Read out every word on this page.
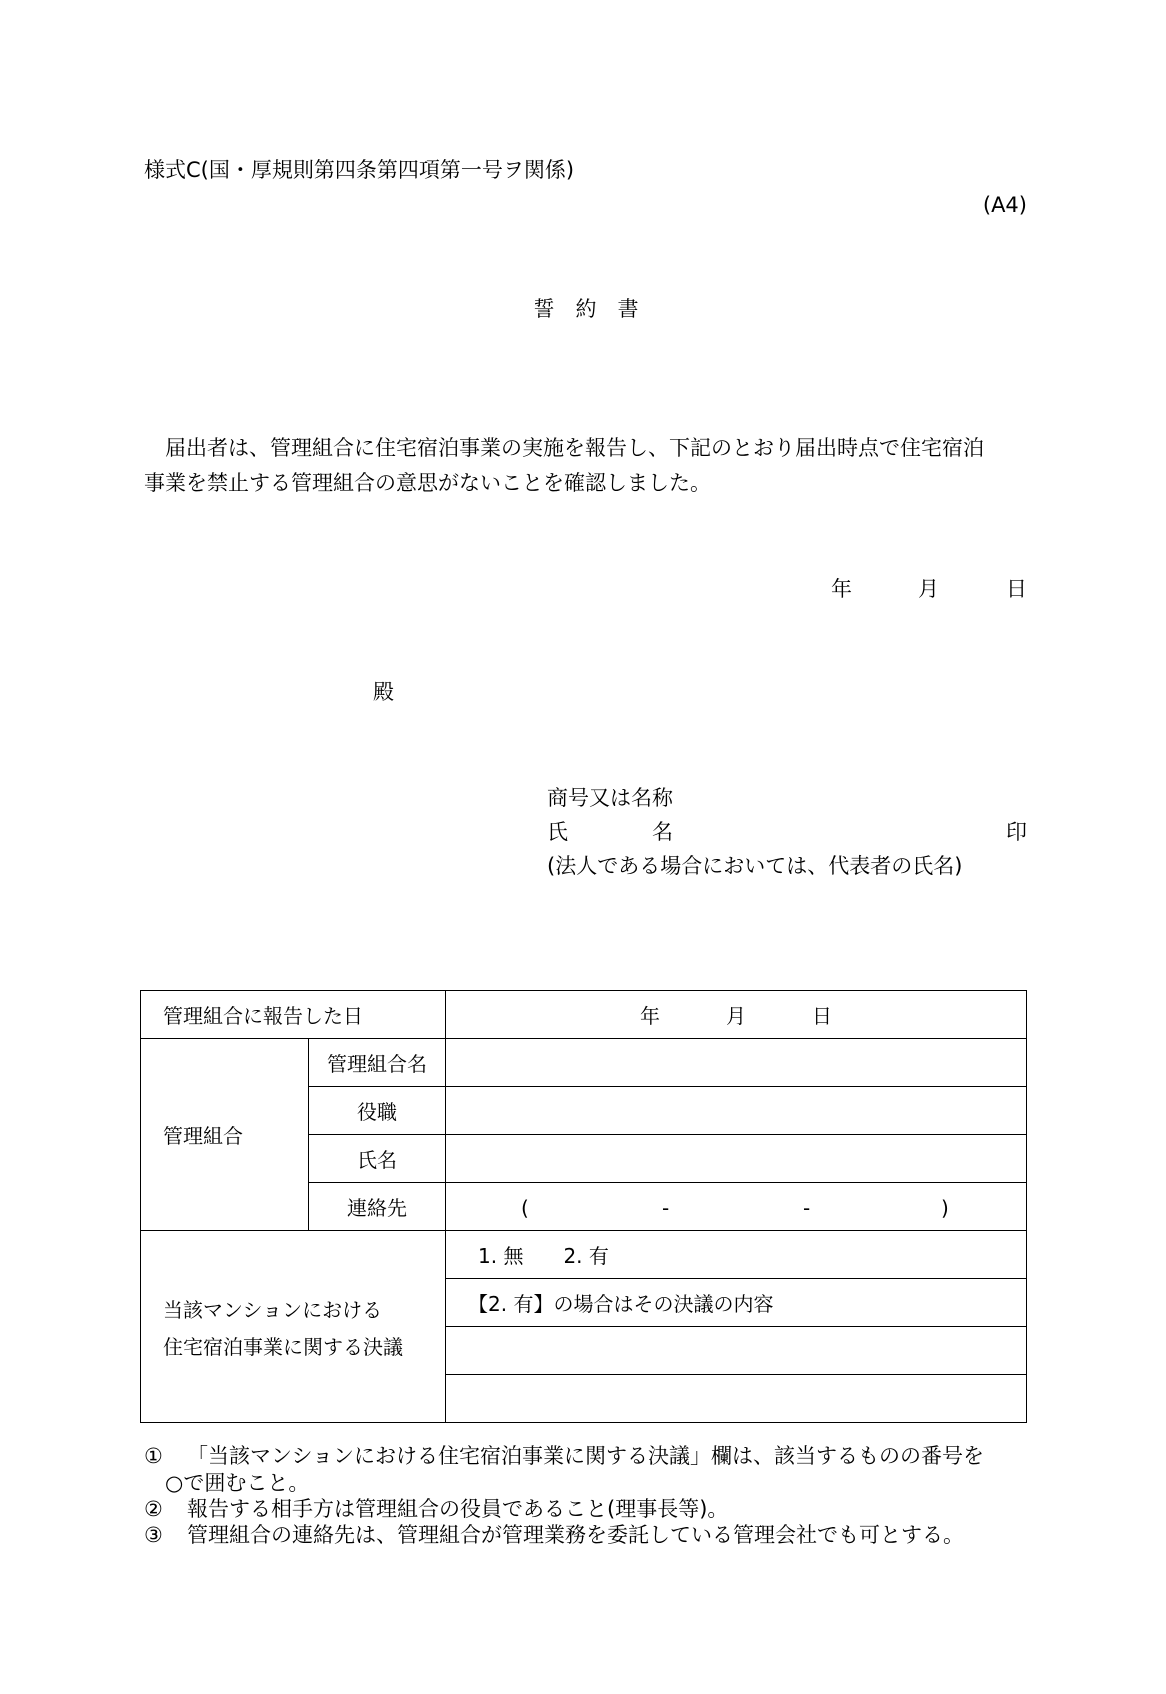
様式C(国・厚規則第四条第四項第一号ヲ関係)
(A4)
誓　約　書
届出者は、管理組合に住宅宿泊事業の実施を報告し、下記のとおり届出時点で住宅宿泊
事業を禁止する管理組合の意思がないことを確認しました。
年	月	日
殿
商号又は名称
氏　　　　名	印
(法人である場合においては、代表者の氏名)
管理組合に報告した日		年 月 日
管理組合	管理組合名	
	役職	
	氏名	
	連絡先	( - - )

当該マンションにおける
住宅宿泊事業に関する決議		1. 無　　2. 有
		【2. 有】の場合はその決議の内容

① 「当該マンションにおける住宅宿泊事業に関する決議」欄は、該当するものの番号を
○で囲むこと。
② 報告する相手方は管理組合の役員であること(理事長等)。
③ 管理組合の連絡先は、管理組合が管理業務を委託している管理会社でも可とする。
